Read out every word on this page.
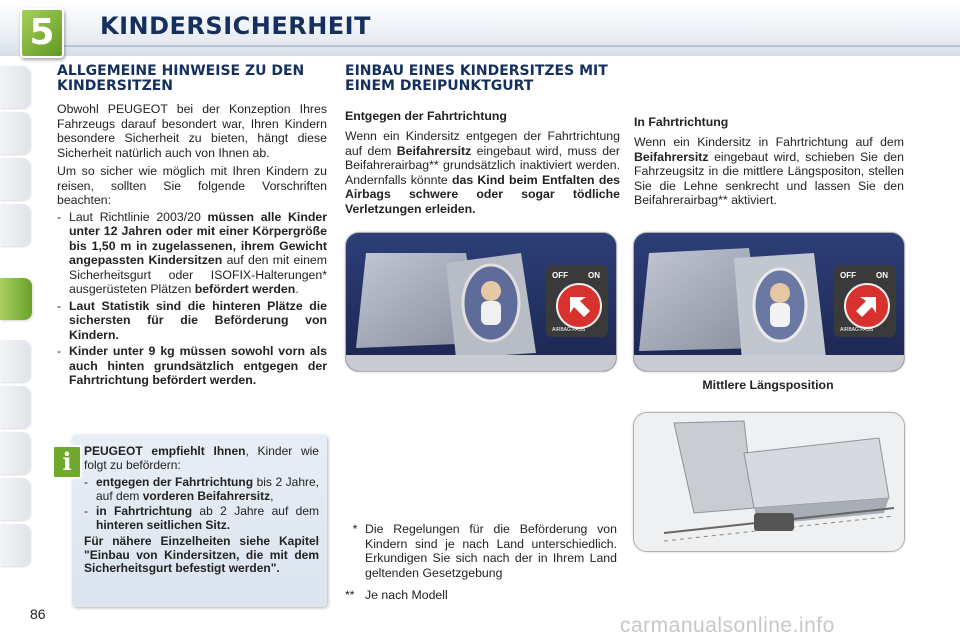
5	KINDERSICHERHEIT
ALLGEMEINE HINWEISE ZU DEN KINDERSITZEN

Obwohl PEUGEOT bei der Konzeption Ihres Fahrzeugs darauf besondert war, Ihren Kindern besondere Sicherheit zu bieten, hängt diese Sicherheit natürlich auch von Ihnen ab.

Um so sicher wie möglich mit Ihren Kindern zu reisen, sollten Sie folgende Vorschriften beachten:

- Laut Richtlinie 2003/20 müssen alle Kinder unter 12 Jahren oder mit einer Körpergröße bis 1,50 m in zugelassenen, ihrem Gewicht angepassten Kindersitzen auf den mit einem Sicherheitsgurt oder ISOFIX-Halterungen* ausgerüsteten Plätzen befördert werden.
- Laut Statistik sind die hinteren Plätze die sichersten für die Beförderung von Kindern.
- Kinder unter 9 kg müssen sowohl vorn als auch hinten grundsätzlich entgegen der Fahrtrichtung befördert werden.

PEUGEOT empfiehlt Ihnen, Kinder wie folgt zu befördern:

- entgegen der Fahrtrichtung bis 2 Jahre, auf dem vorderen Beifahrersitz,
- in Fahrtrichtung ab 2 Jahre auf dem hinteren seitlichen Sitz.

Für nähere Einzelheiten siehe Kapitel "Einbau von Kindersitzen, die mit dem Sicherheitsgurt befestigt werden".

i
EINBAU EINES KINDERSITZES MIT EINEM DREIPUNKTGURT

Entgegen der Fahrtrichtung

Wenn ein Kindersitz entgegen der Fahrtrichtung auf dem Beifahrersitz eingebaut wird, muss der Beifahrerairbag** grundsätzlich inaktiviert werden. Andernfalls könnte das Kind beim Entfalten des Airbags schwere oder sogar tödliche Verletzungen erleiden.

In Fahrtrichtung

Wenn ein Kindersitz in Fahrtrichtung auf dem Beifahrersitz eingebaut wird, schieben Sie den Fahrzeugsitz in die mittlere Längspositon, stellen Sie die Lehne senkrecht und lassen Sie den Beifahrerairbag** aktiviert.

OFF	ON
AIRBAG PASS
OFF	ON
AIRBAG PASS
Mittlere Längsposition
* Die Regelungen für die Beförderung von Kindern sind je nach Land unterschiedlich. Erkundigen Sie sich nach der in Ihrem Land geltenden Gesetzgebung
** Je nach Modell
86	carmanualsonline.info
